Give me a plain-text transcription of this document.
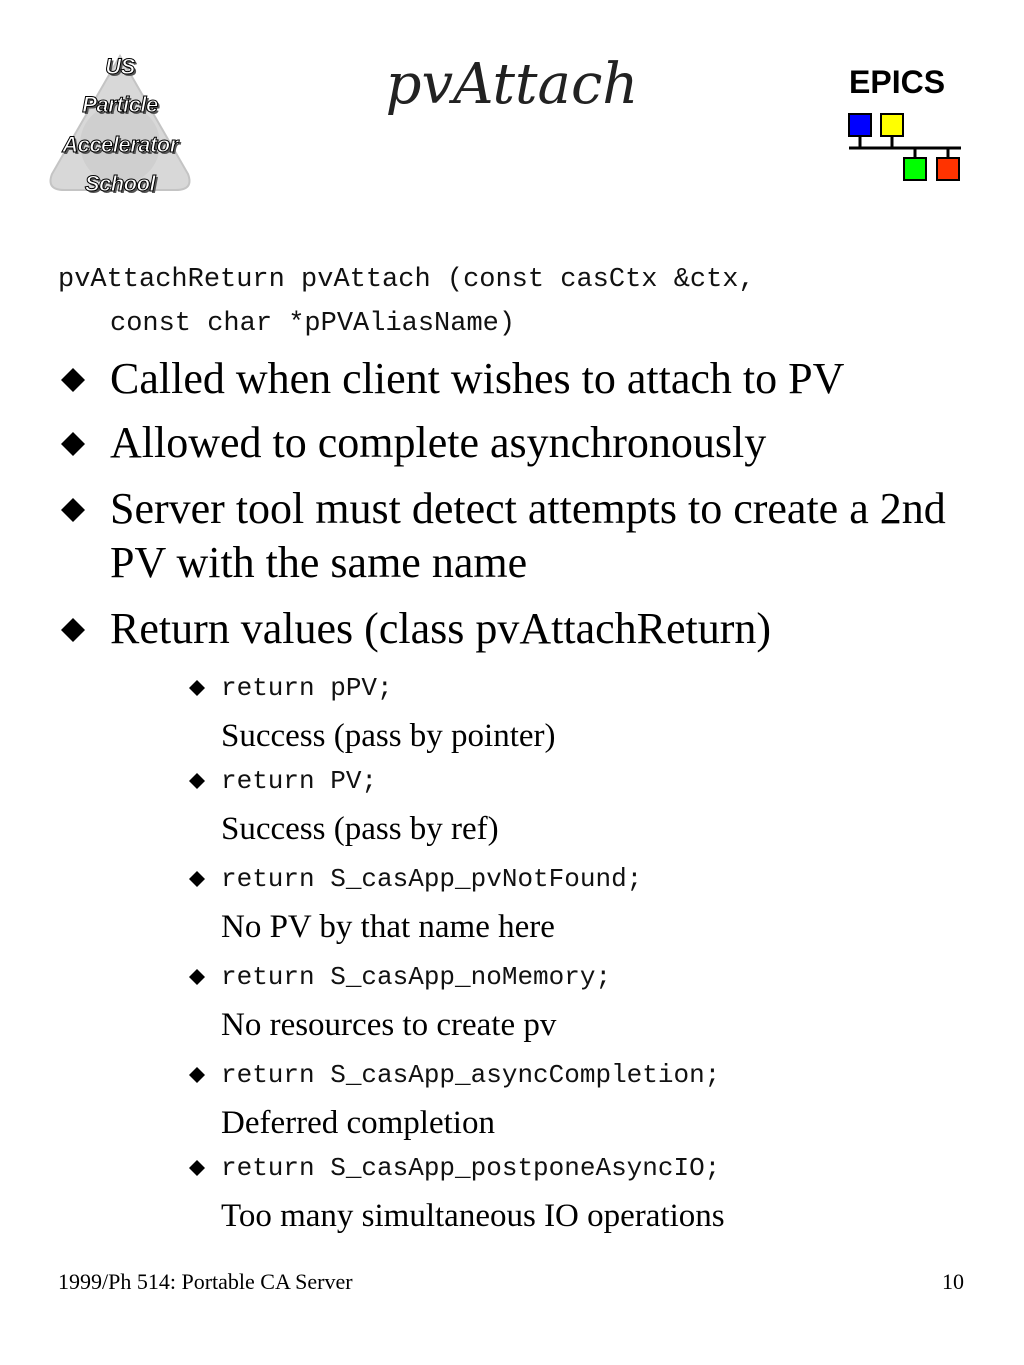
US
Particle
Accelerator
School
pvAttach	EPICS
pvAttachReturn pvAttach (const casCtx &ctx,
const char *pPVAliasName)
Called when client wishes to attach to PV
Allowed to complete asynchronously
Server tool must detect attempts to create a 2nd PV with the same name
Return values (class pvAttachReturn)
return pPV;
Success (pass by pointer)
return PV;
Success (pass by ref)
return S_casApp_pvNotFound;
No PV by that name here
return S_casApp_noMemory;
No resources to create pv
return S_casApp_asyncCompletion;
Deferred completion
return S_casApp_postponeAsyncIO;
Too many simultaneous IO operations
1999/Ph 514: Portable CA Server	10
